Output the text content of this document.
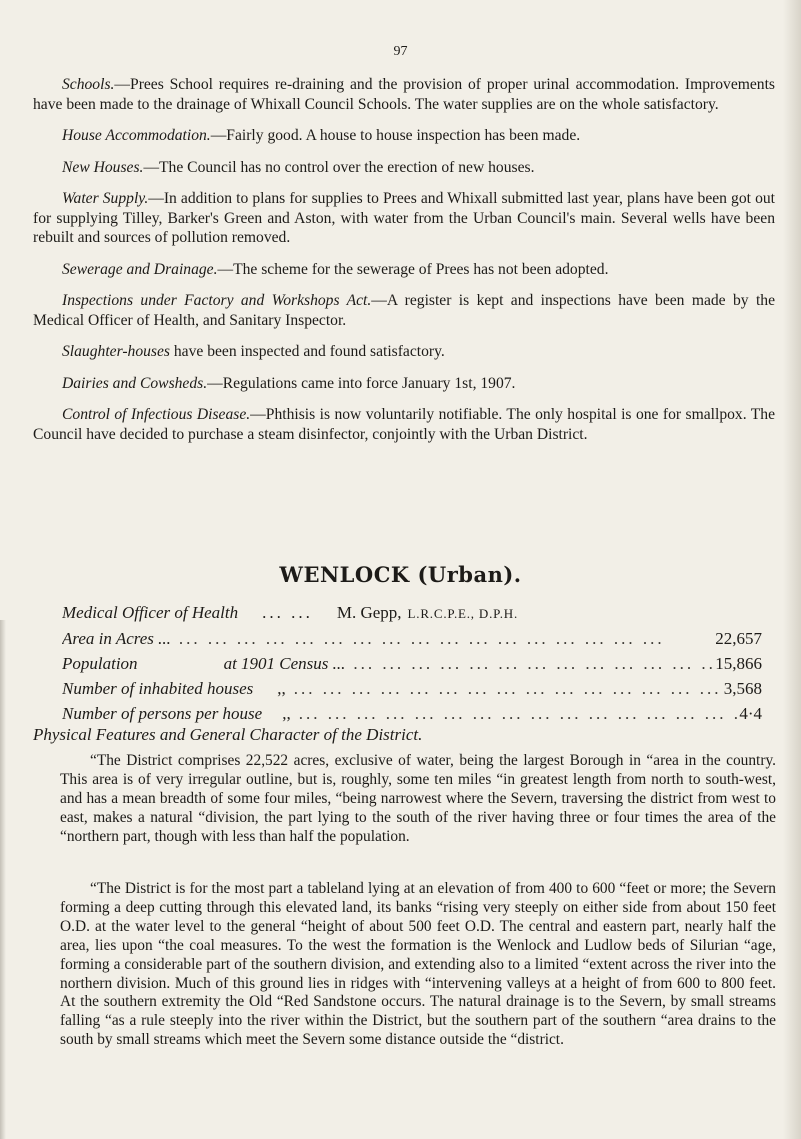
97

Schools.—Prees School requires re-draining and the provision of proper urinal accommodation. Improvements have been made to the drainage of Whixall Council Schools. The water supplies are on the whole satisfactory.

House Accommodation.—Fairly good. A house to house inspection has been made.

New Houses.—The Council has no control over the erection of new houses.

Water Supply.—In addition to plans for supplies to Prees and Whixall submitted last year, plans have been got out for supplying Tilley, Barker's Green and Aston, with water from the Urban Council's main. Several wells have been rebuilt and sources of pollution removed.

Sewerage and Drainage.—The scheme for the sewerage of Prees has not been adopted.

Inspections under Factory and Workshops Act.—A register is kept and inspections have been made by the Medical Officer of Health, and Sanitary Inspector.

Slaughter-houses have been inspected and found satisfactory.

Dairies and Cowsheds.—Regulations came into force January 1st, 1907.

Control of Infectious Disease.—Phthisis is now voluntarily notifiable. The only hospital is one for smallpox. The Council have decided to purchase a steam disinfector, conjointly with the Urban District.

WENLOCK (Urban).
Medical Officer of Health	... ...	M. Gepp, L.R.C.P.E., D.P.H.
Area in Acres ... ... .	22,657
Population	at 1901 Census ... ... .	15,866
Number of inhabited houses	,, ... .	3,568
Number of persons per house	,, ... .	4·4
Physical Features and General Character of the District.

“The District comprises 22,522 acres, exclusive of water, being the largest Borough in “area in the country. This area is of very irregular outline, but is, roughly, some ten miles “in greatest length from north to south-west, and has a mean breadth of some four miles, “being narrowest where the Severn, traversing the district from west to east, makes a natural “division, the part lying to the south of the river having three or four times the area of the “northern part, though with less than half the population.

“The District is for the most part a tableland lying at an elevation of from 400 to 600 “feet or more; the Severn forming a deep cutting through this elevated land, its banks “rising very steeply on either side from about 150 feet O.D. at the water level to the general “height of about 500 feet O.D. The central and eastern part, nearly half the area, lies upon “the coal measures. To the west the formation is the Wenlock and Ludlow beds of Silurian “age, forming a considerable part of the southern division, and extending also to a limited “extent across the river into the northern division. Much of this ground lies in ridges with “intervening valleys at a height of from 600 to 800 feet. At the southern extremity the Old “Red Sandstone occurs. The natural drainage is to the Severn, by small streams falling “as a rule steeply into the river within the District, but the southern part of the southern “area drains to the south by small streams which meet the Severn some distance outside the “district.
